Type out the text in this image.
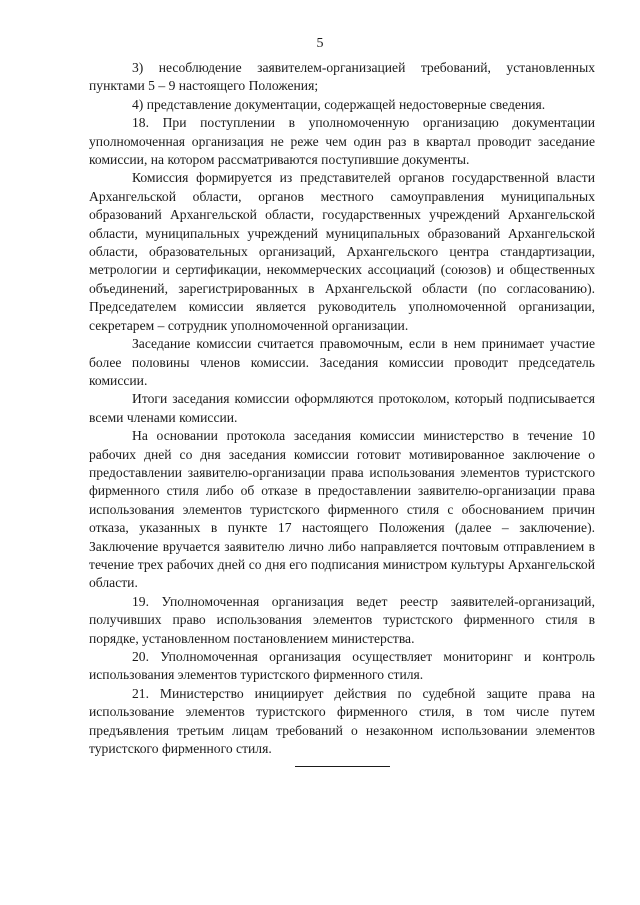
5

3) несоблюдение заявителем-организацией требований, установленных пунктами 5 – 9 настоящего Положения;

4) представление документации, содержащей недостоверные сведения.

18. При поступлении в уполномоченную организацию документации уполномоченная организация не реже чем один раз в квартал проводит заседание комиссии, на котором рассматриваются поступившие документы.

Комиссия формируется из представителей органов государственной власти Архангельской области, органов местного самоуправления муниципальных образований Архангельской области, государственных учреждений Архангельской области, муниципальных учреждений муниципальных образований Архангельской области, образовательных организаций, Архангельского центра стандартизации, метрологии и сертификации, некоммерческих ассоциаций (союзов) и общественных объединений, зарегистрированных в Архангельской области (по согласованию). Председателем комиссии является руководитель уполномоченной организации, секретарем – сотрудник уполномоченной организации.

Заседание комиссии считается правомочным, если в нем принимает участие более половины членов комиссии. Заседания комиссии проводит председатель комиссии.

Итоги заседания комиссии оформляются протоколом, который подписывается всеми членами комиссии.

На основании протокола заседания комиссии министерство в течение 10 рабочих дней со дня заседания комиссии готовит мотивированное заключение о предоставлении заявителю-организации права использования элементов туристского фирменного стиля либо об отказе в предоставлении заявителю-организации права использования элементов туристского фирменного стиля с обоснованием причин отказа, указанных в пункте 17 настоящего Положения (далее – заключение). Заключение вручается заявителю лично либо направляется почтовым отправлением в течение трех рабочих дней со дня его подписания министром культуры Архангельской области.

19. Уполномоченная организация ведет реестр заявителей-организаций, получивших право использования элементов туристского фирменного стиля в порядке, установленном постановлением министерства.

20. Уполномоченная организация осуществляет мониторинг и контроль использования элементов туристского фирменного стиля.

21. Министерство инициирует действия по судебной защите права на использование элементов туристского фирменного стиля, в том числе путем предъявления третьим лицам требований о незаконном использовании элементов туристского фирменного стиля.
